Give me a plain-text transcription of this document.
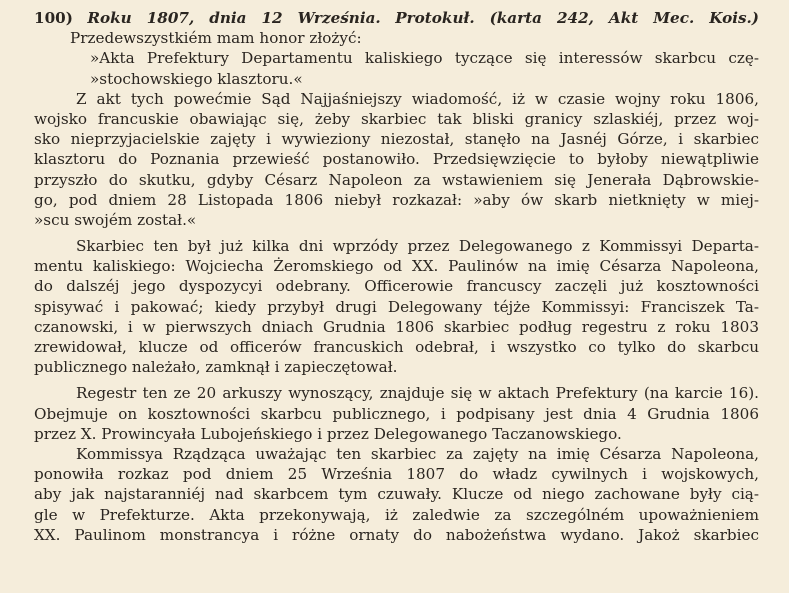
100) Roku 1807, dnia 12 Września. Protokuł. (karta 242, Akt Mec. Kois.)
Przedewszystkiém mam honor złożyć:
»Akta Prefektury Departamentu kaliskiego tyczące się interessów skarbcu czę-
»stochowskiego klasztoru.«
Z akt tych powećmie Sąd Najjaśniejszy wiadomość, iż w czasie wojny roku 1806,
wojsko francuskie obawiając się, żeby skarbiec tak bliski granicy szlaskiéj, przez woj-
sko nieprzyjacielskie zajęty i wywieziony niezostał, stanęło na Jasnéj Górze, i skarbiec
klasztoru do Poznania przewieść postanowiło. Przedsięwzięcie to byłoby niewątpliwie
przyszło do skutku, gdyby Césarz Napoleon za wstawieniem się Jenerała Dąbrowskie-
go, pod dniem 28 Listopada 1806 niebył rozkazał: »aby ów skarb nietknięty w miej-
»scu swojém został.«
Skarbiec ten był już kilka dni wprzódy przez Delegowanego z Kommissyi Departa-
mentu kaliskiego: Wojciecha Żeromskiego od XX. Paulinów na imię Césarza Napoleona,
do dalszéj jego dyspozycyi odebrany. Officerowie francuscy zaczęli już kosztowności
spisywać i pakować; kiedy przybył drugi Delegowany téjże Kommissyi: Franciszek Ta-
czanowski, i w pierwszych dniach Grudnia 1806 skarbiec podług regestru z roku 1803
zrewidował, klucze od officerów francuskich odebrał, i wszystko co tylko do skarbcu
publicznego należało, zamknął i zapieczętował.
Regestr ten ze 20 arkuszy wynoszący, znajduje się w aktach Prefektury (na karcie 16).
Obejmuje on kosztowności skarbcu publicznego, i podpisany jest dnia 4 Grudnia 1806
przez X. Prowincyała Lubojeńskiego i przez Delegowanego Taczanowskiego.
Kommissya Rządząca uważając ten skarbiec za zajęty na imię Césarza Napoleona,
ponowiła rozkaz pod dniem 25 Września 1807 do władz cywilnych i wojskowych,
aby jak najstaranniéj nad skarbcem tym czuwały. Klucze od niego zachowane były cią-
gle w Prefekturze. Akta przekonywają, iż zaledwie za szczególném upoważnieniem
XX. Paulinom monstrancya i różne ornaty do nabożeństwa wydano. Jakoż skarbiec
